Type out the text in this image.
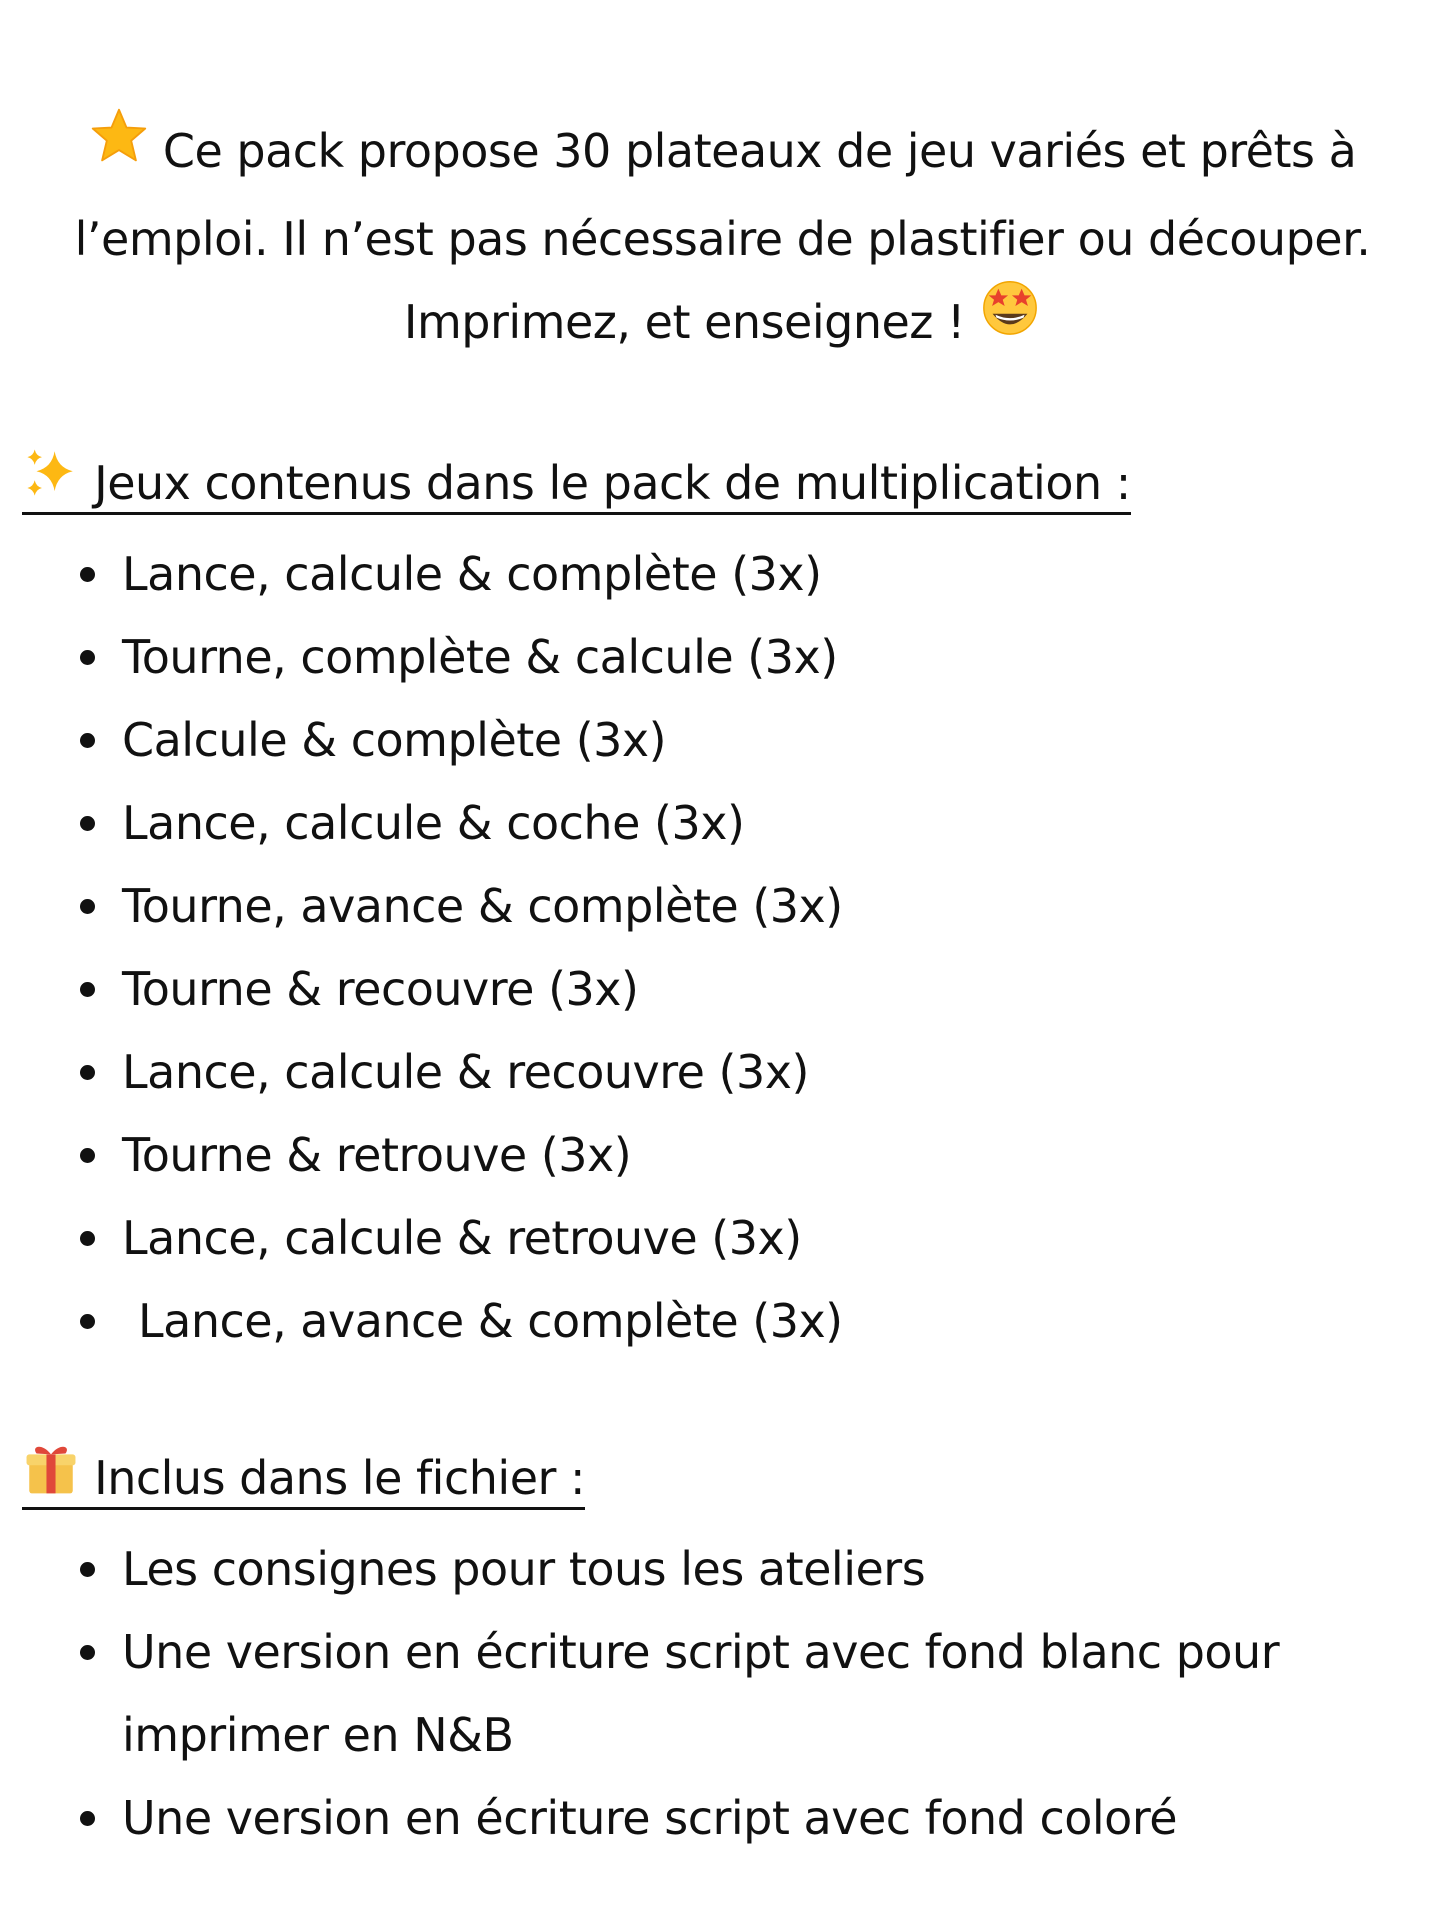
Ce pack propose 30 plateaux de jeu variés et prêts à l’emploi. Il n’est pas nécessaire de plastifier ou découper. Imprimez, et enseignez !
Jeux contenus dans le pack de multiplication :
Lance, calcule & complète (3x)
Tourne, complète & calcule (3x)
Calcule & complète (3x)
Lance, calcule & coche (3x)
Tourne, avance & complète (3x)
Tourne & recouvre (3x)
Lance, calcule & recouvre (3x)
Tourne & retrouve (3x)
Lance, calcule & retrouve (3x)
Lance, avance & complète (3x)
Inclus dans le fichier :
Les consignes pour tous les ateliers
Une version en écriture script avec fond blanc pour imprimer en N&B
Une version en écriture script avec fond coloré
